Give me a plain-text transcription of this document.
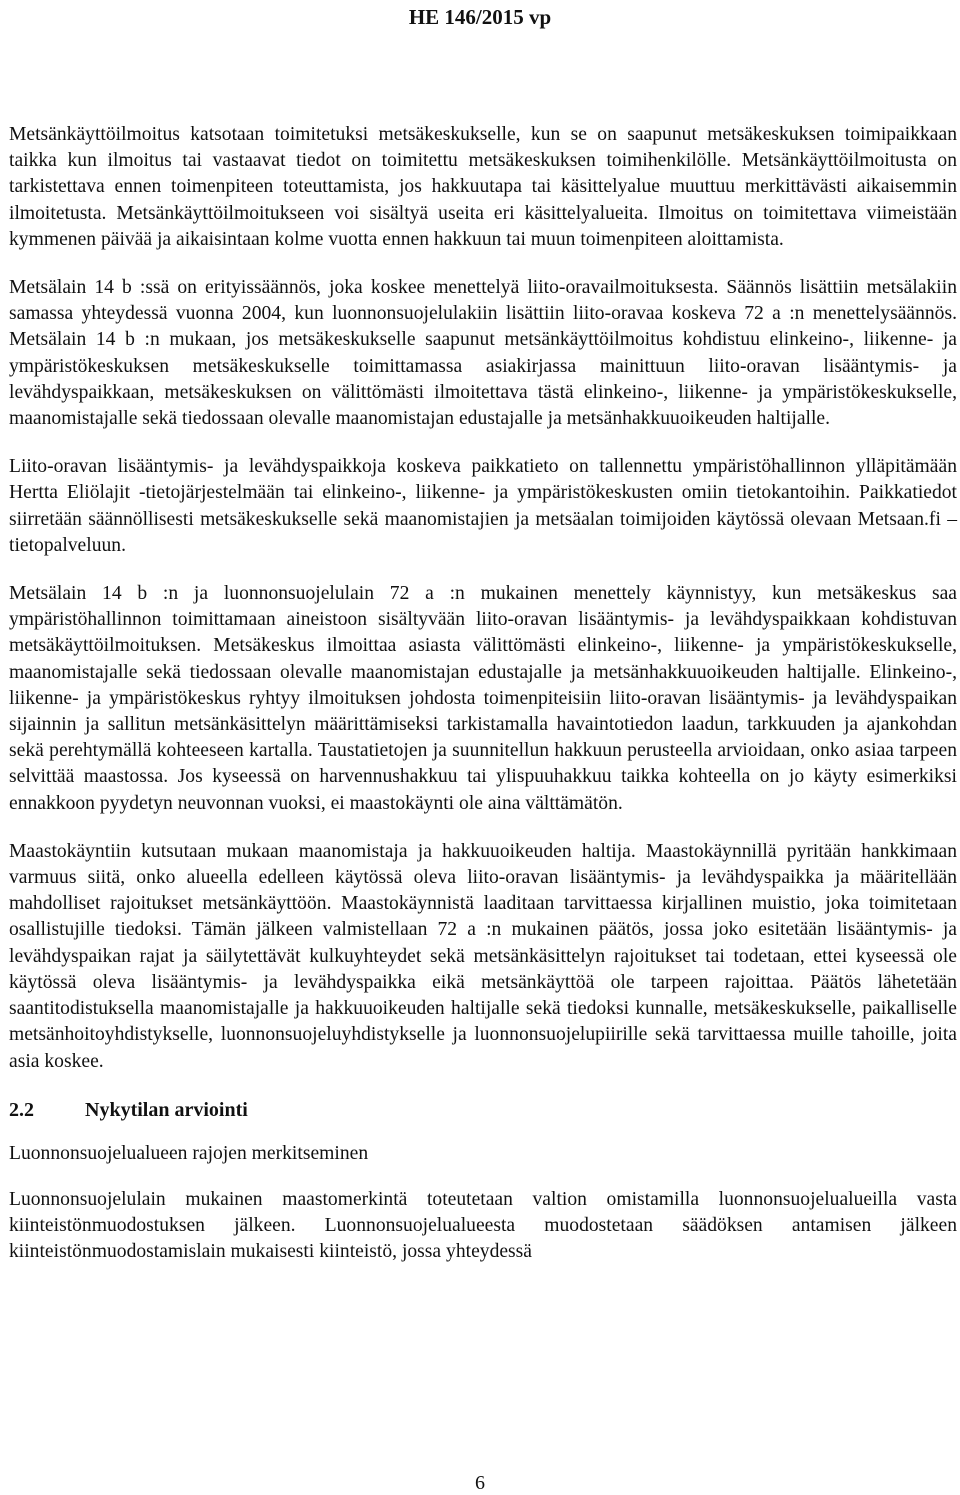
HE 146/2015 vp

Metsänkäyttöilmoitus katsotaan toimitetuksi metsäkeskukselle, kun se on saapunut metsäkeskuksen toimipaikkaan taikka kun ilmoitus tai vastaavat tiedot on toimitettu metsäkeskuksen toimihenkilölle. Metsänkäyttöilmoitusta on tarkistettava ennen toimenpiteen toteuttamista, jos hakkuutapa tai käsittelyalue muuttuu merkittävästi aikaisemmin ilmoitetusta. Metsänkäyttöilmoitukseen voi sisältyä useita eri käsittelyalueita. Ilmoitus on toimitettava viimeistään kymmenen päivää ja aikaisintaan kolme vuotta ennen hakkuun tai muun toimenpiteen aloittamista.

Metsälain 14 b :ssä on erityissäännös, joka koskee menettelyä liito-oravailmoituksesta. Säännös lisättiin metsälakiin samassa yhteydessä vuonna 2004, kun luonnonsuojelulakiin lisättiin liito-oravaa koskeva 72 a :n menettelysäännös. Metsälain 14 b :n mukaan, jos metsäkeskukselle saapunut metsänkäyttöilmoitus kohdistuu elinkeino-, liikenne- ja ympäristökeskuksen metsäkeskukselle toimittamassa asiakirjassa mainittuun liito-oravan lisääntymis- ja levähdyspaikkaan, metsäkeskuksen on välittömästi ilmoitettava tästä elinkeino-, liikenne- ja ympäristökeskukselle, maanomistajalle sekä tiedossaan olevalle maanomistajan edustajalle ja metsänhakkuuoikeuden haltijalle.

Liito-oravan lisääntymis- ja levähdyspaikkoja koskeva paikkatieto on tallennettu ympäristöhallinnon ylläpitämään Hertta Eliölajit -tietojärjestelmään tai elinkeino-, liikenne- ja ympäristökeskusten omiin tietokantoihin. Paikkatiedot siirretään säännöllisesti metsäkeskukselle sekä maanomistajien ja metsäalan toimijoiden käytössä olevaan Metsaan.fi –tietopalveluun.

Metsälain 14 b :n ja luonnonsuojelulain 72 a :n mukainen menettely käynnistyy, kun metsäkeskus saa ympäristöhallinnon toimittamaan aineistoon sisältyvään liito-oravan lisääntymis- ja levähdyspaikkaan kohdistuvan metsäkäyttöilmoituksen. Metsäkeskus ilmoittaa asiasta välittömästi elinkeino-, liikenne- ja ympäristökeskukselle, maanomistajalle sekä tiedossaan olevalle maanomistajan edustajalle ja metsänhakkuuoikeuden haltijalle. Elinkeino-, liikenne- ja ympäristökeskus ryhtyy ilmoituksen johdosta toimenpiteisiin liito-oravan lisääntymis- ja levähdyspaikan sijainnin ja sallitun metsänkäsittelyn määrittämiseksi tarkistamalla havaintotiedon laadun, tarkkuuden ja ajankohdan sekä perehtymällä kohteeseen kartalla. Taustatietojen ja suunnitellun hakkuun perusteella arvioidaan, onko asiaa tarpeen selvittää maastossa. Jos kyseessä on harvennushakkuu tai ylispuuhakkuu taikka kohteella on jo käyty esimerkiksi ennakkoon pyydetyn neuvonnan vuoksi, ei maastokäynti ole aina välttämätön.

Maastokäyntiin kutsutaan mukaan maanomistaja ja hakkuuoikeuden haltija. Maastokäynnillä pyritään hankkimaan varmuus siitä, onko alueella edelleen käytössä oleva liito-oravan lisääntymis- ja levähdyspaikka ja määritellään mahdolliset rajoitukset metsänkäyttöön. Maastokäynnistä laaditaan tarvittaessa kirjallinen muistio, joka toimitetaan osallistujille tiedoksi. Tämän jälkeen valmistellaan 72 a :n mukainen päätös, jossa joko esitetään lisääntymis- ja levähdyspaikan rajat ja säilytettävät kulkuyhteydet sekä metsänkäsittelyn rajoitukset tai todetaan, ettei kyseessä ole käytössä oleva lisääntymis- ja levähdyspaikka eikä metsänkäyttöä ole tarpeen rajoittaa. Päätös lähetetään saantitodistuksella maanomistajalle ja hakkuuoikeuden haltijalle sekä tiedoksi kunnalle, metsäkeskukselle, paikalliselle metsänhoitoyhdistykselle, luonnonsuojeluyhdistykselle ja luonnonsuojelupiirille sekä tarvittaessa muille tahoille, joita asia koskee.

2.2	Nykytilan arviointi
Luonnonsuojelualueen rajojen merkitseminen

Luonnonsuojelulain mukainen maastomerkintä toteutetaan valtion omistamilla luonnonsuojelualueilla vasta kiinteistönmuodostuksen jälkeen. Luonnonsuojelualueesta muodostetaan säädöksen antamisen jälkeen kiinteistönmuodostamislain mukaisesti kiinteistö, jossa yhteydessä

6
